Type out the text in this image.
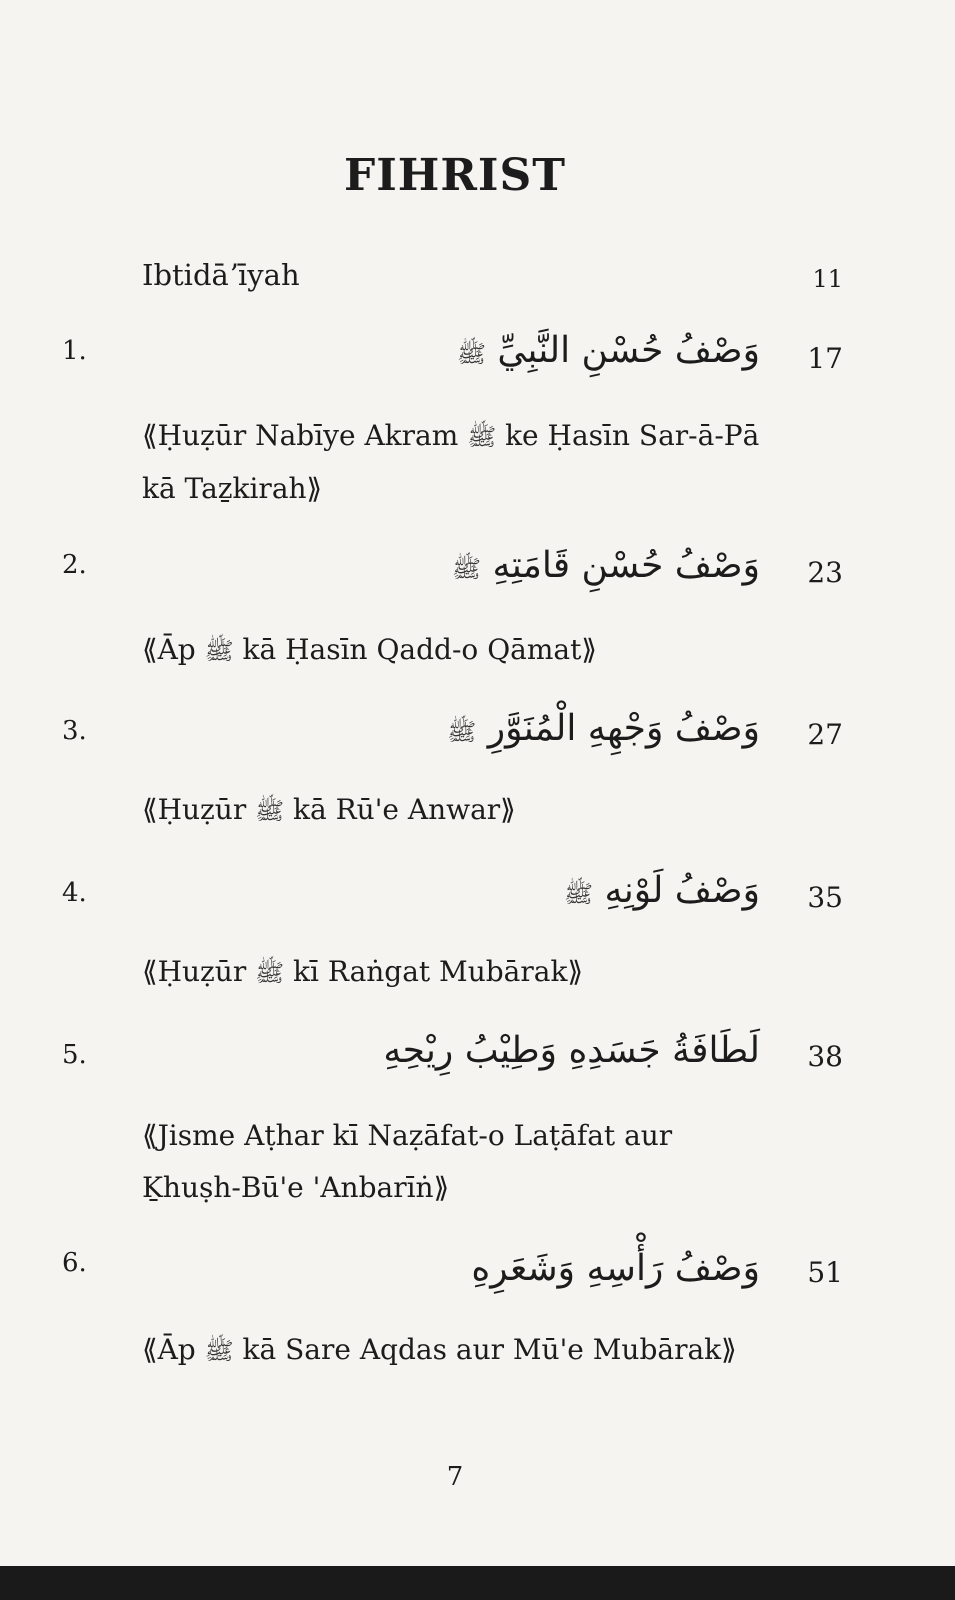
FIHRIST
Ibtidāʼīyah	11
1.	وَصْفُ حُسْنِ النَّبِيِّ ﷺ	17
⟪Ḥuẓūr Nabīye Akram ﷺ ke Ḥasīn Sar-ā-Pā kā Taẕkirah⟫
2.	وَصْفُ حُسْنِ قَامَتِهِ ﷺ	23
⟪Āp ﷺ kā Ḥasīn Qadd-o Qāmat⟫
3.	وَصْفُ وَجْهِهِ الْمُنَوَّرِ ﷺ	27
⟪Ḥuẓūr ﷺ kā Rū'e Anwar⟫
4.	وَصْفُ لَوْنِهِ ﷺ	35
⟪Ḥuẓūr ﷺ kī Raṅgat Mubārak⟫
5.	لَطَافَةُ جَسَدِهِ وَطِيْبُ رِيْحِهِ 38
⟪Jisme Aṭhar kī Naẓāfat-o Laṭāfat aur Ḵhuṣh-Bū'e 'Anbarīṅ⟫
6.	وَصْفُ رَأْسِهِ وَشَعَرِهِ 51
⟪Āp ﷺ kā Sare Aqdas aur Mū'e Mubārak⟫
7
